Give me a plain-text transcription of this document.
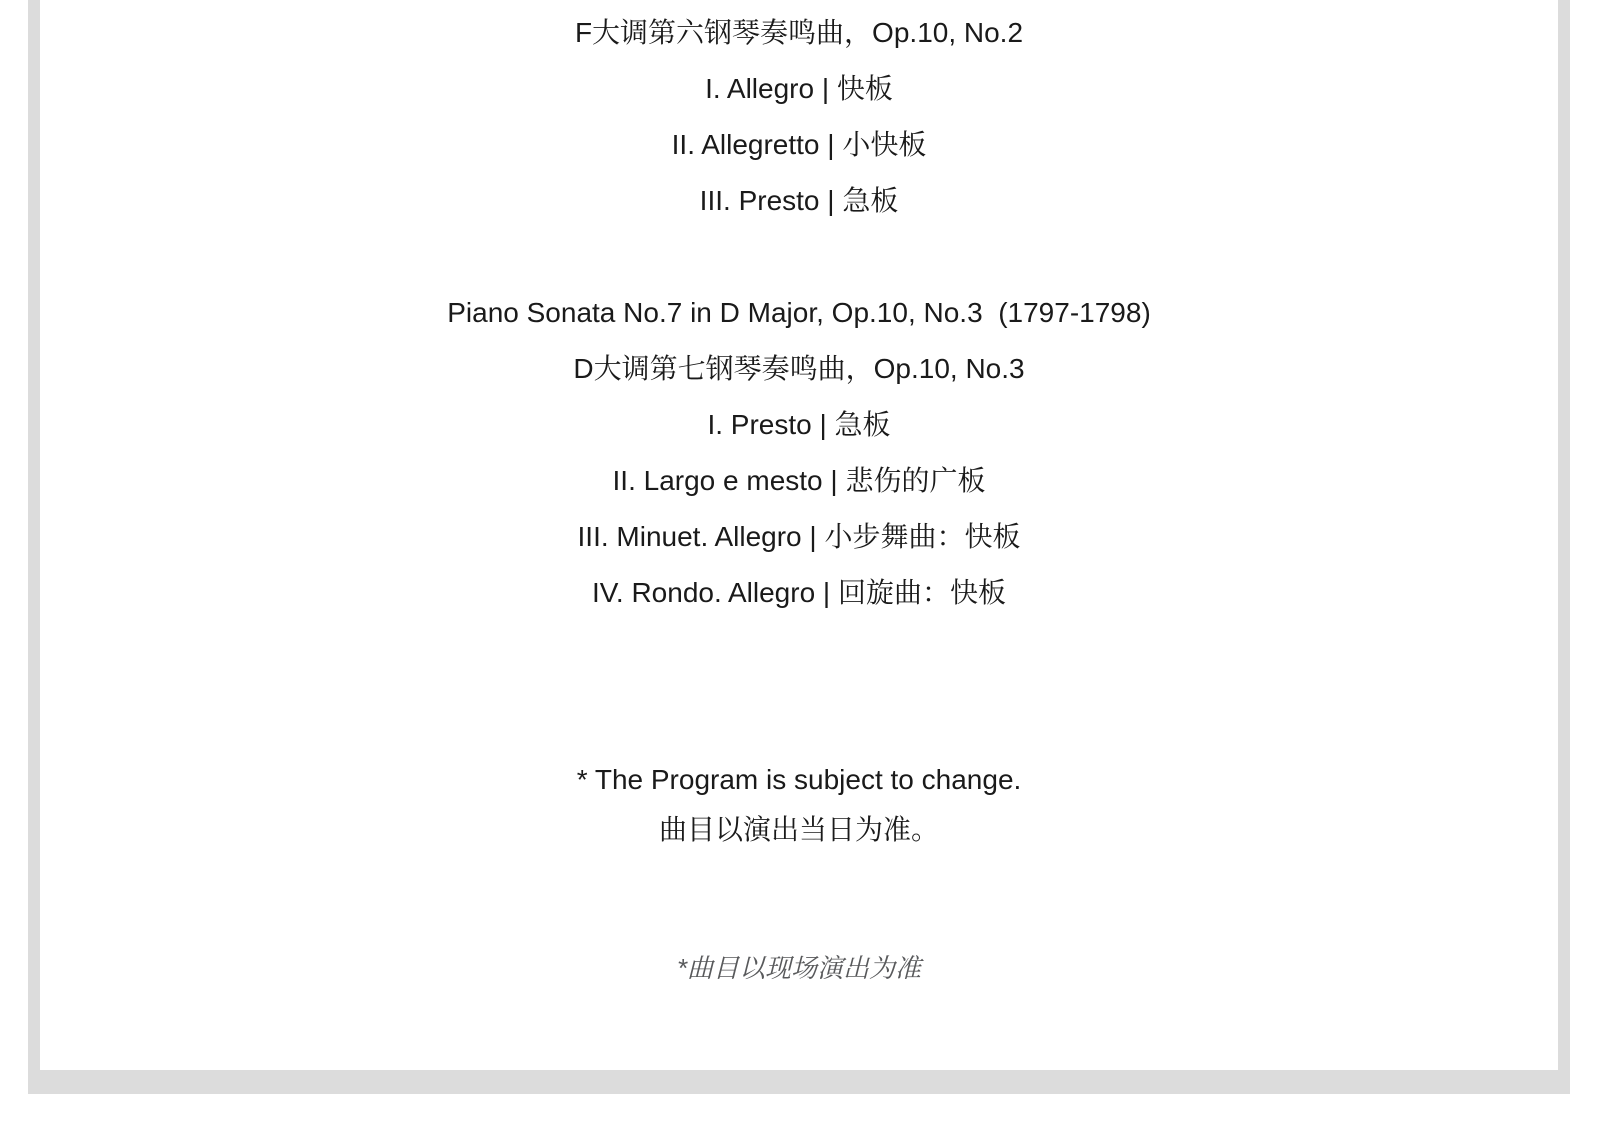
F大调第六钢琴奏鸣曲，Op.10, No.2
I. Allegro | 快板
II. Allegretto | 小快板
III. Presto | 急板
Piano Sonata No.7 in D Major, Op.10, No.3  (1797-1798)
D大调第七钢琴奏鸣曲，Op.10, No.3
I. Presto | 急板
II. Largo e mesto | 悲伤的广板
III. Minuet. Allegro | 小步舞曲：快板
IV. Rondo. Allegro | 回旋曲：快板
* The Program is subject to change.
曲目以演出当日为准。
*曲目以现场演出为准
